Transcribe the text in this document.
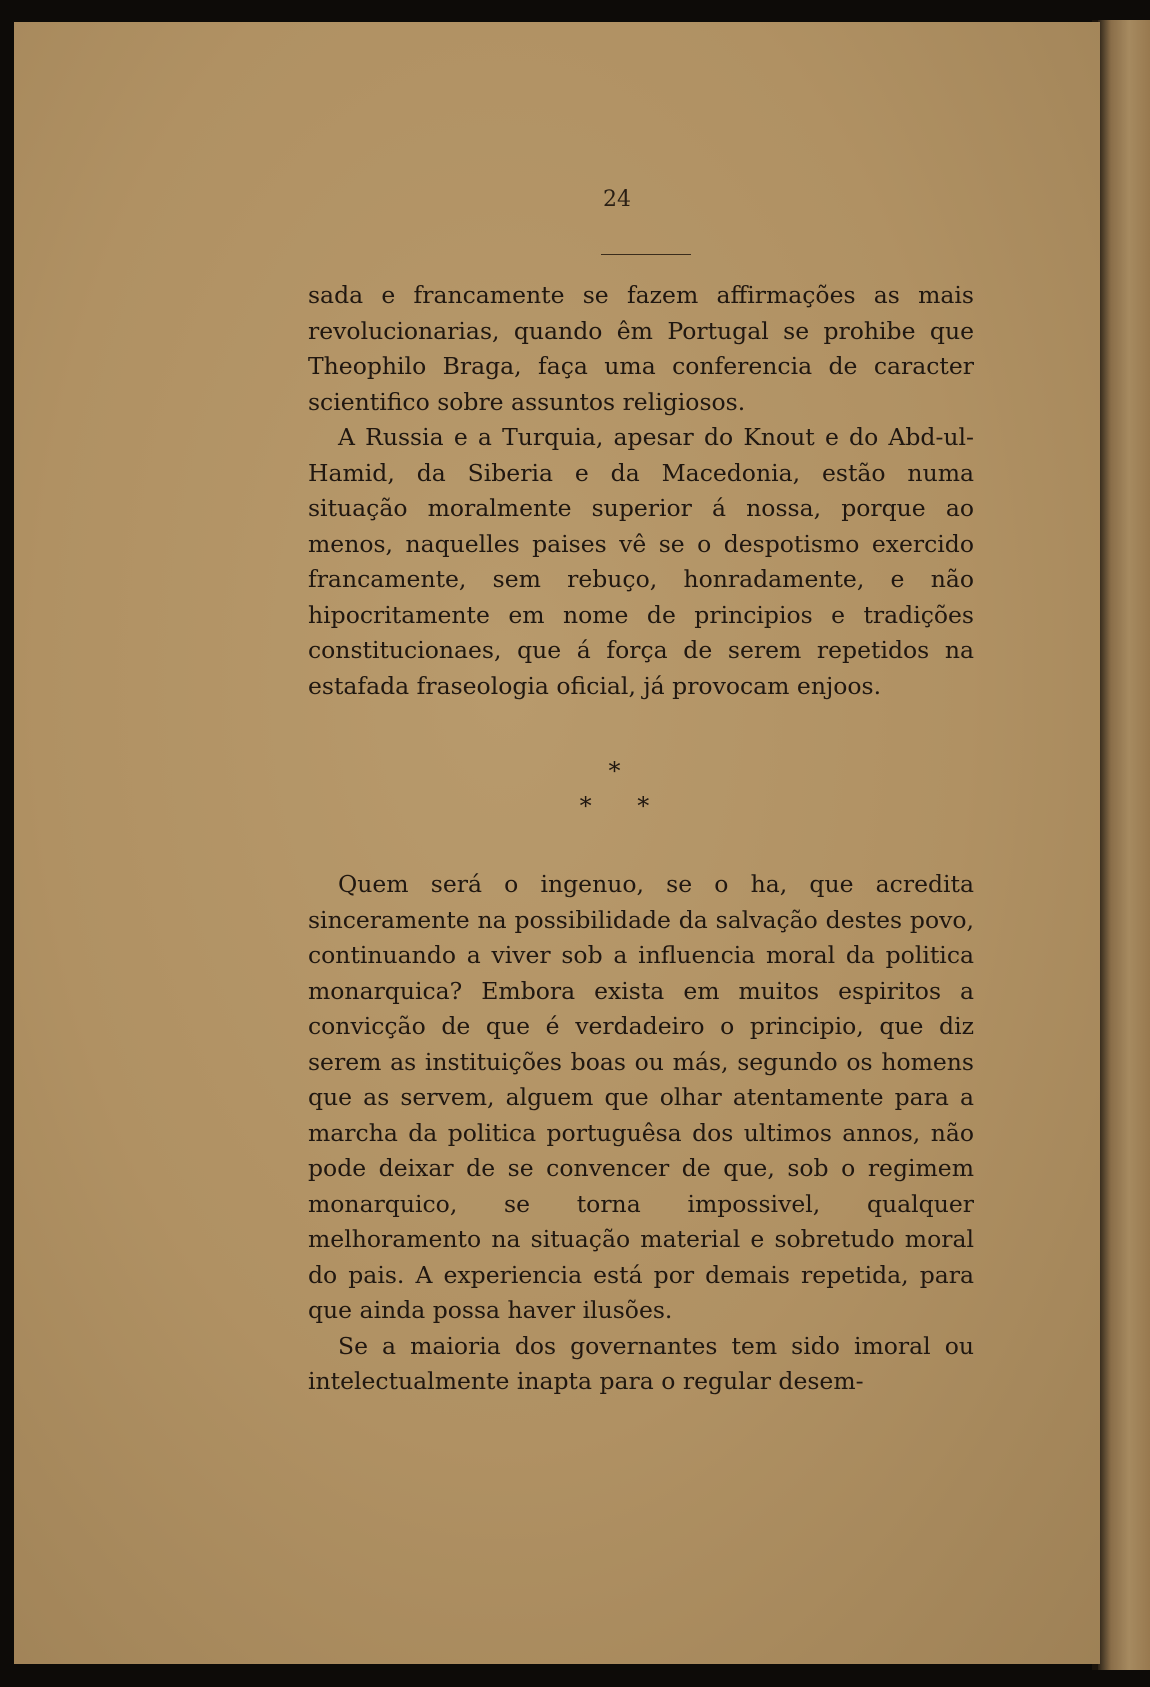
24

sada e francamente se fazem affirmações as mais revolucionarias, quando êm Portugal se prohibe que Theophilo Braga, faça uma conferencia de caracter scientifico sobre assuntos religiosos.

A Russia e a Turquia, apesar do Knout e do Abd-ul-Hamid, da Siberia e da Macedonia, estão numa situação moralmente superior á nossa, porque ao menos, naquelles paises vê se o despotismo exercido francamente, sem rebuço, honradamente, e não hipocritamente em nome de principios e tradições constitucionaes, que á força de serem repetidos na estafada fraseologia oficial, já provocam enjoos.

*
* *

Quem será o ingenuo, se o ha, que acredita sinceramente na possibilidade da salvação destes povo, continuando a viver sob a influencia moral da politica monarquica? Embora exista em muitos espiritos a convicção de que é verdadeiro o principio, que diz serem as instituições boas ou más, segundo os homens que as servem, alguem que olhar atentamente para a marcha da politica portuguêsa dos ultimos annos, não pode deixar de se convencer de que, sob o regimem monarquico, se torna impossivel, qualquer melhoramento na situação material e sobretudo moral do pais. A experiencia está por demais repetida, para que ainda possa haver ilusões.

Se a maioria dos governantes tem sido imoral ou intelectualmente inapta para o regular desem-
